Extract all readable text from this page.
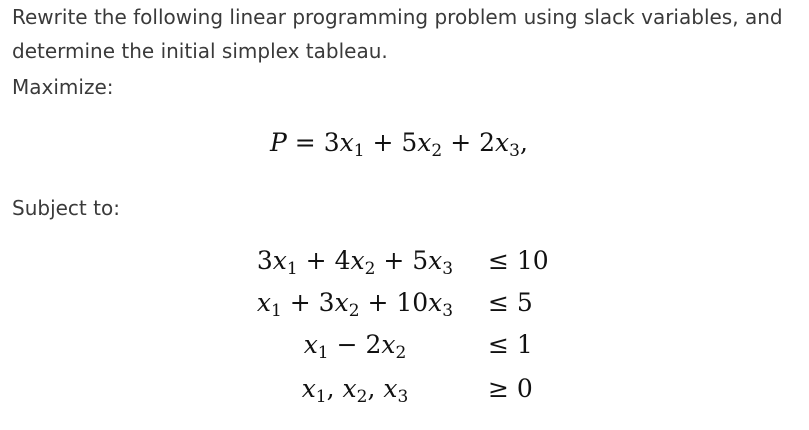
Rewrite the following linear programming problem using slack variables, and determine the initial simplex tableau.

Maximize:

$P = 3x_1 + 5x_2 + 2x_3$,

Subject to:

$3x_1 + 4x_2 + 5x_3$	≤ 10
$x_1 + 3x_2 + 10x_3$	≤ 5
$x_1 - 2x_2$	≤ 1
$x_1$, $x_2$, $x_3$	≥ 0
